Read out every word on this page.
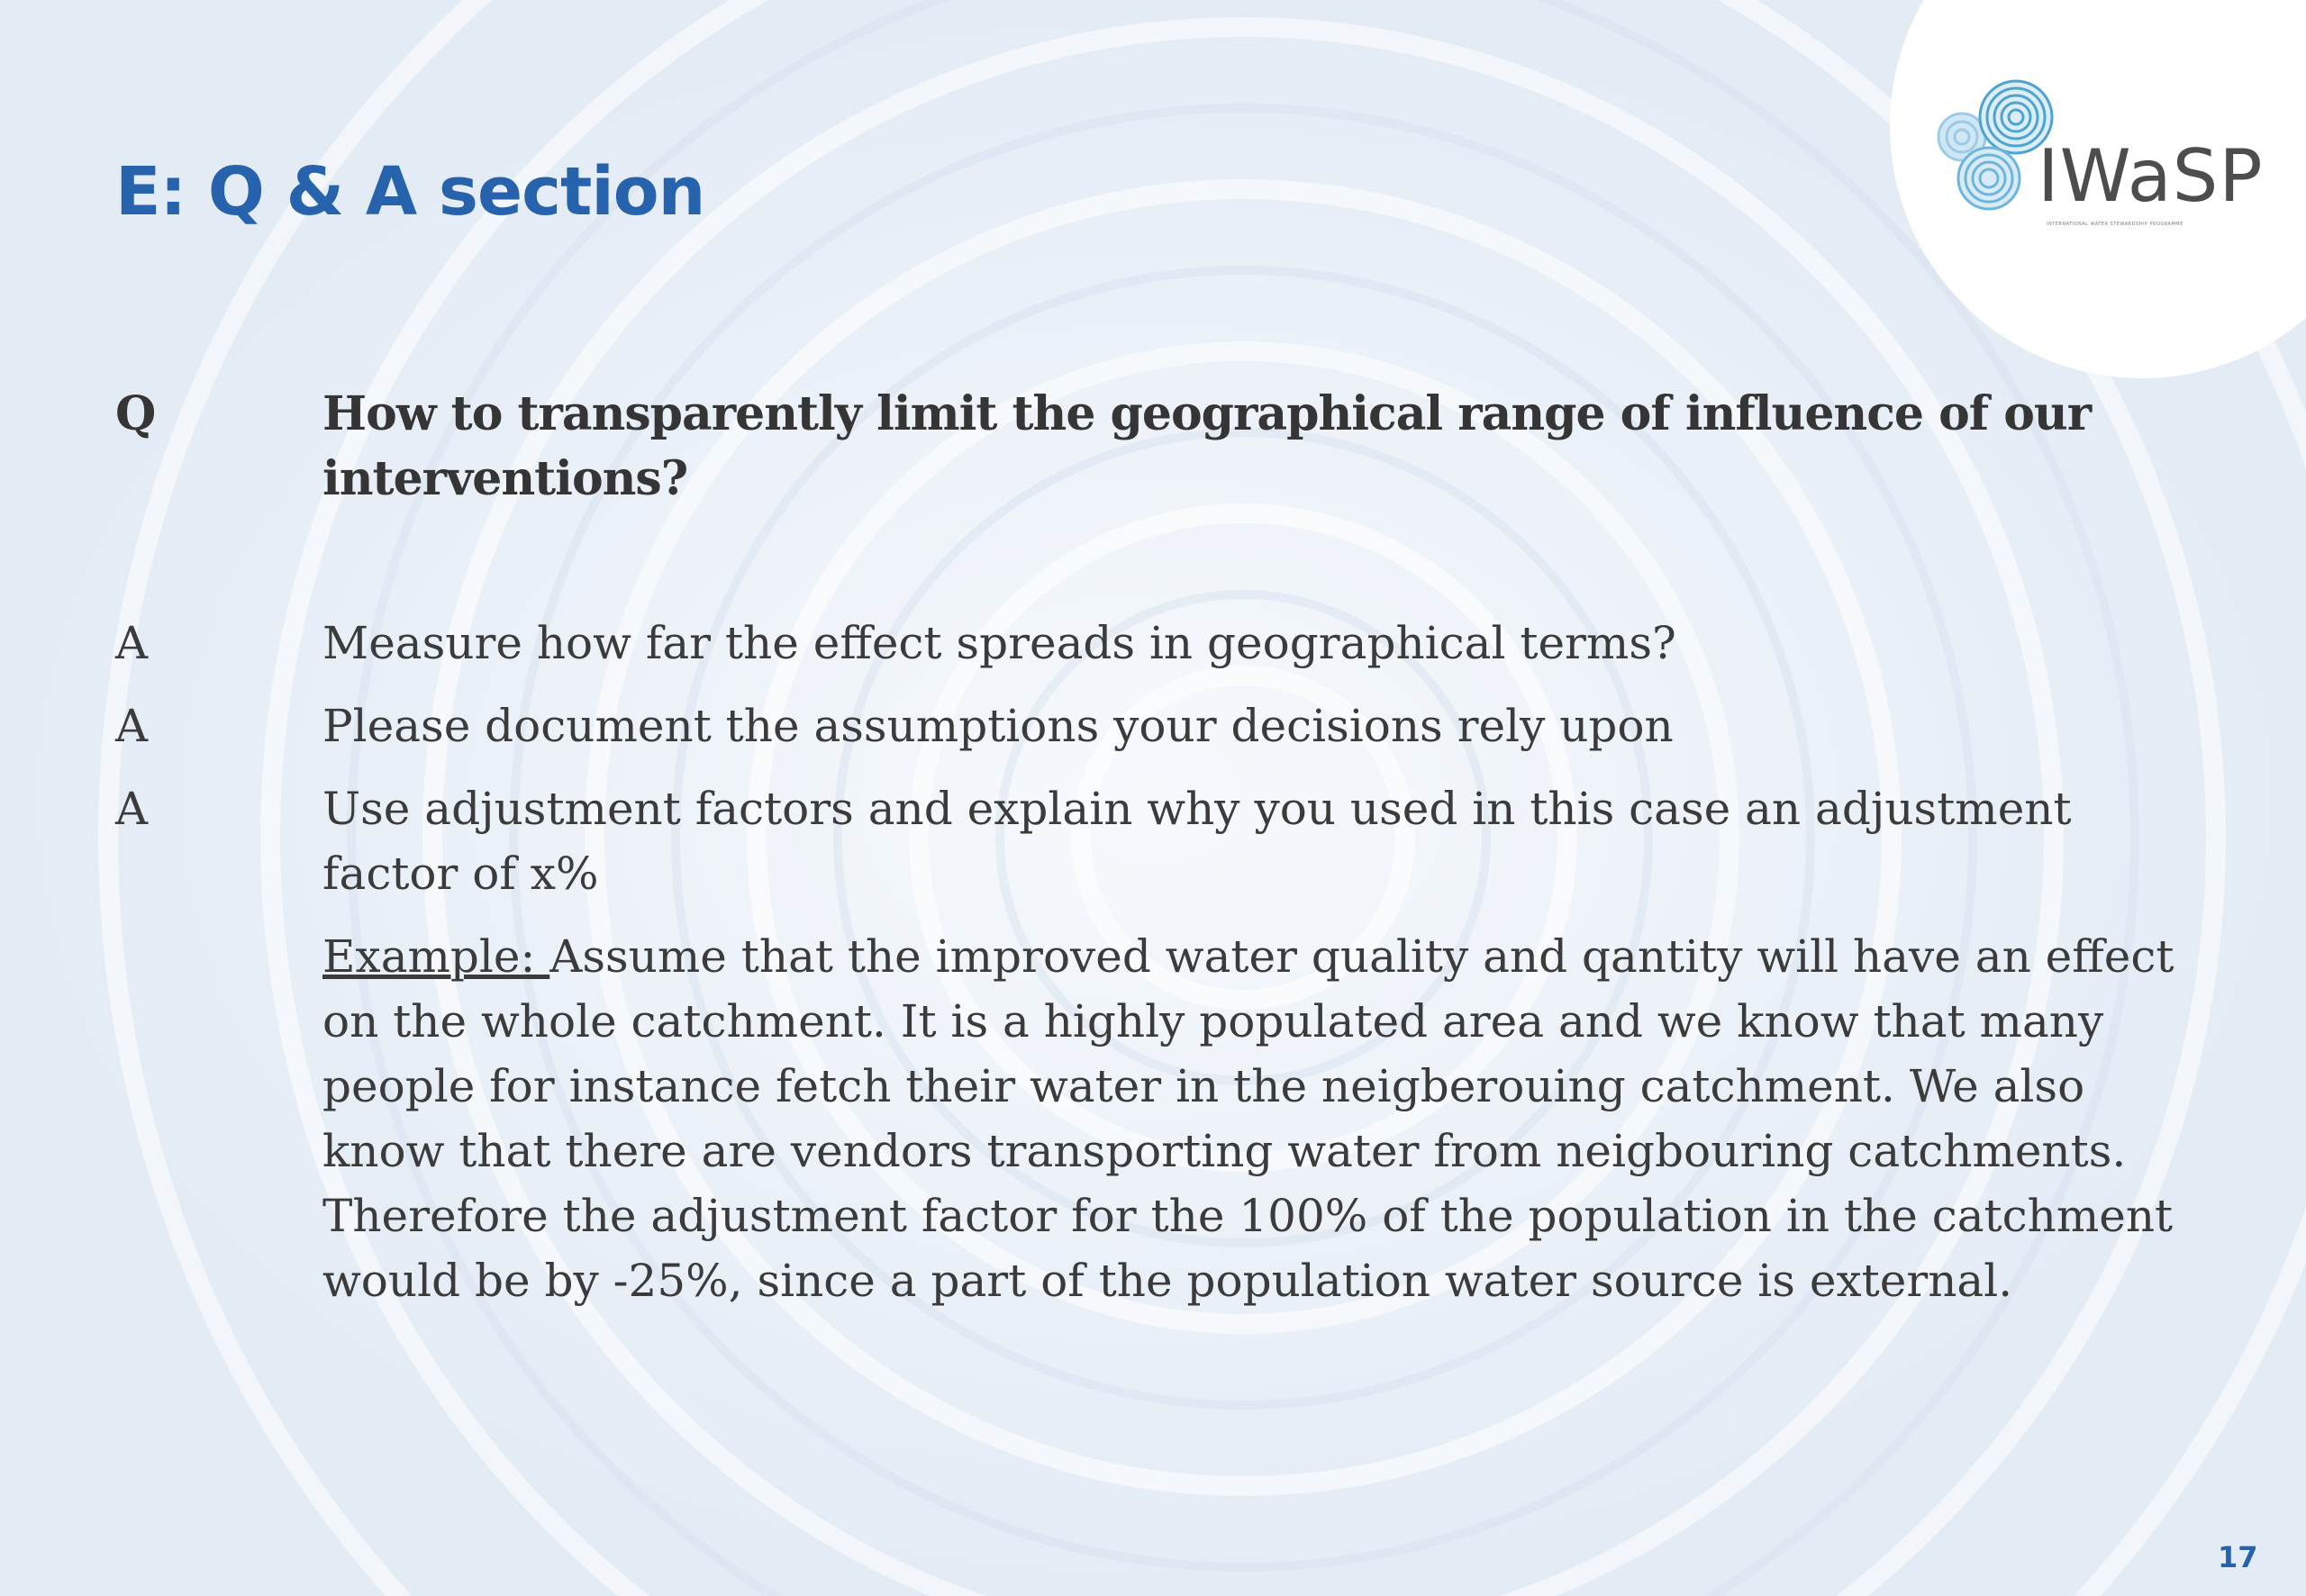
IWaSP
INTERNATIONAL WATER STEWARDSHIP PROGRAMME
E: Q & A section
Q	How to transparently limit the geographical range of influence of our interventions?
A	Measure how far the effect spreads in geographical terms?
A	Please document the assumptions your decisions rely upon
A	Use adjustment factors and explain why you used in this case an adjustment factor of x%
Example: Assume that the improved water quality and qantity will have an effect on the whole catchment. It is a highly populated area and we know that many people for instance fetch their water in the neigberouing catchment. We also know that there are vendors transporting water from neigbouring catchments. Therefore the adjustment factor for the 100% of the population in the catchment would be by -25%, since a part of the population water source is external.
17
